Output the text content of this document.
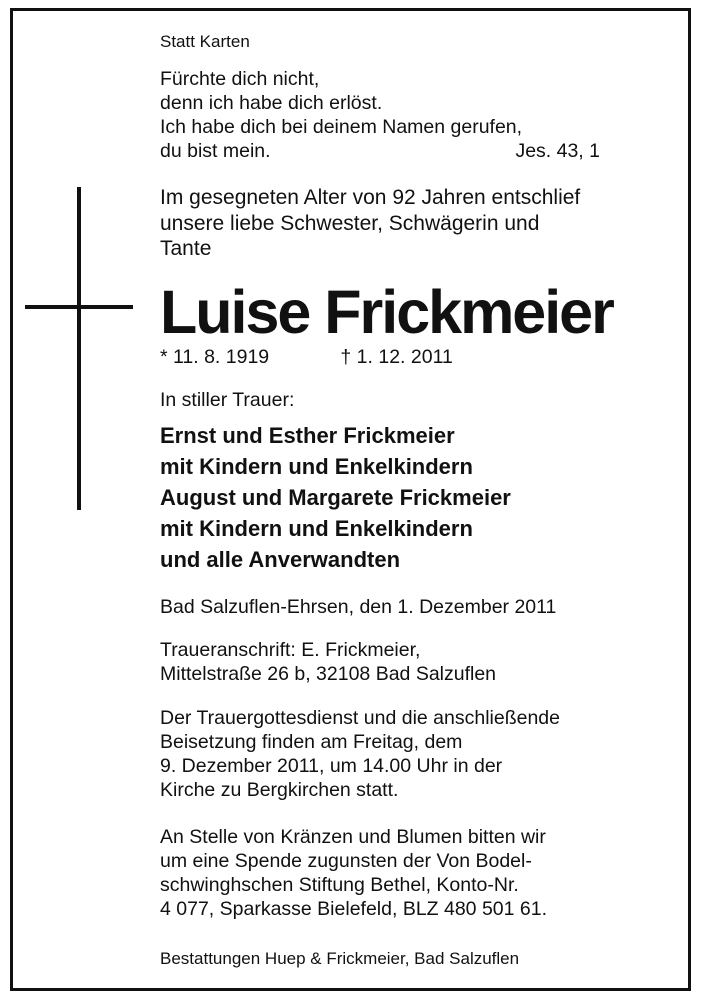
Statt Karten

Fürchte dich nicht,
denn ich habe dich erlöst.
Ich habe dich bei deinem Namen gerufen,
du bist mein.	Jes. 43, 1
Im gesegneten Alter von 92 Jahren entschlief
unsere liebe Schwester, Schwägerin und
Tante

Luise Frickmeier

* 11. 8. 1919	† 1. 12. 2011

In stiller Trauer:

Ernst und Esther Frickmeier
mit Kindern und Enkelkindern
August und Margarete Frickmeier
mit Kindern und Enkelkindern
und alle Anverwandten

Bad Salzuflen-Ehrsen, den 1. Dezember 2011

Traueranschrift: E. Frickmeier,
Mittelstraße 26 b, 32108 Bad Salzuflen
Der Trauergottesdienst und die anschließende
Beisetzung finden am Freitag, dem
9. Dezember 2011, um 14.00 Uhr in der
Kirche zu Bergkirchen statt.
An Stelle von Kränzen und Blumen bitten wir
um eine Spende zugunsten der Von Bodel-
schwinghschen Stiftung Bethel, Konto-Nr.
4 077, Sparkasse Bielefeld, BLZ 480 501 61.

Bestattungen Huep & Frickmeier, Bad Salzuflen
